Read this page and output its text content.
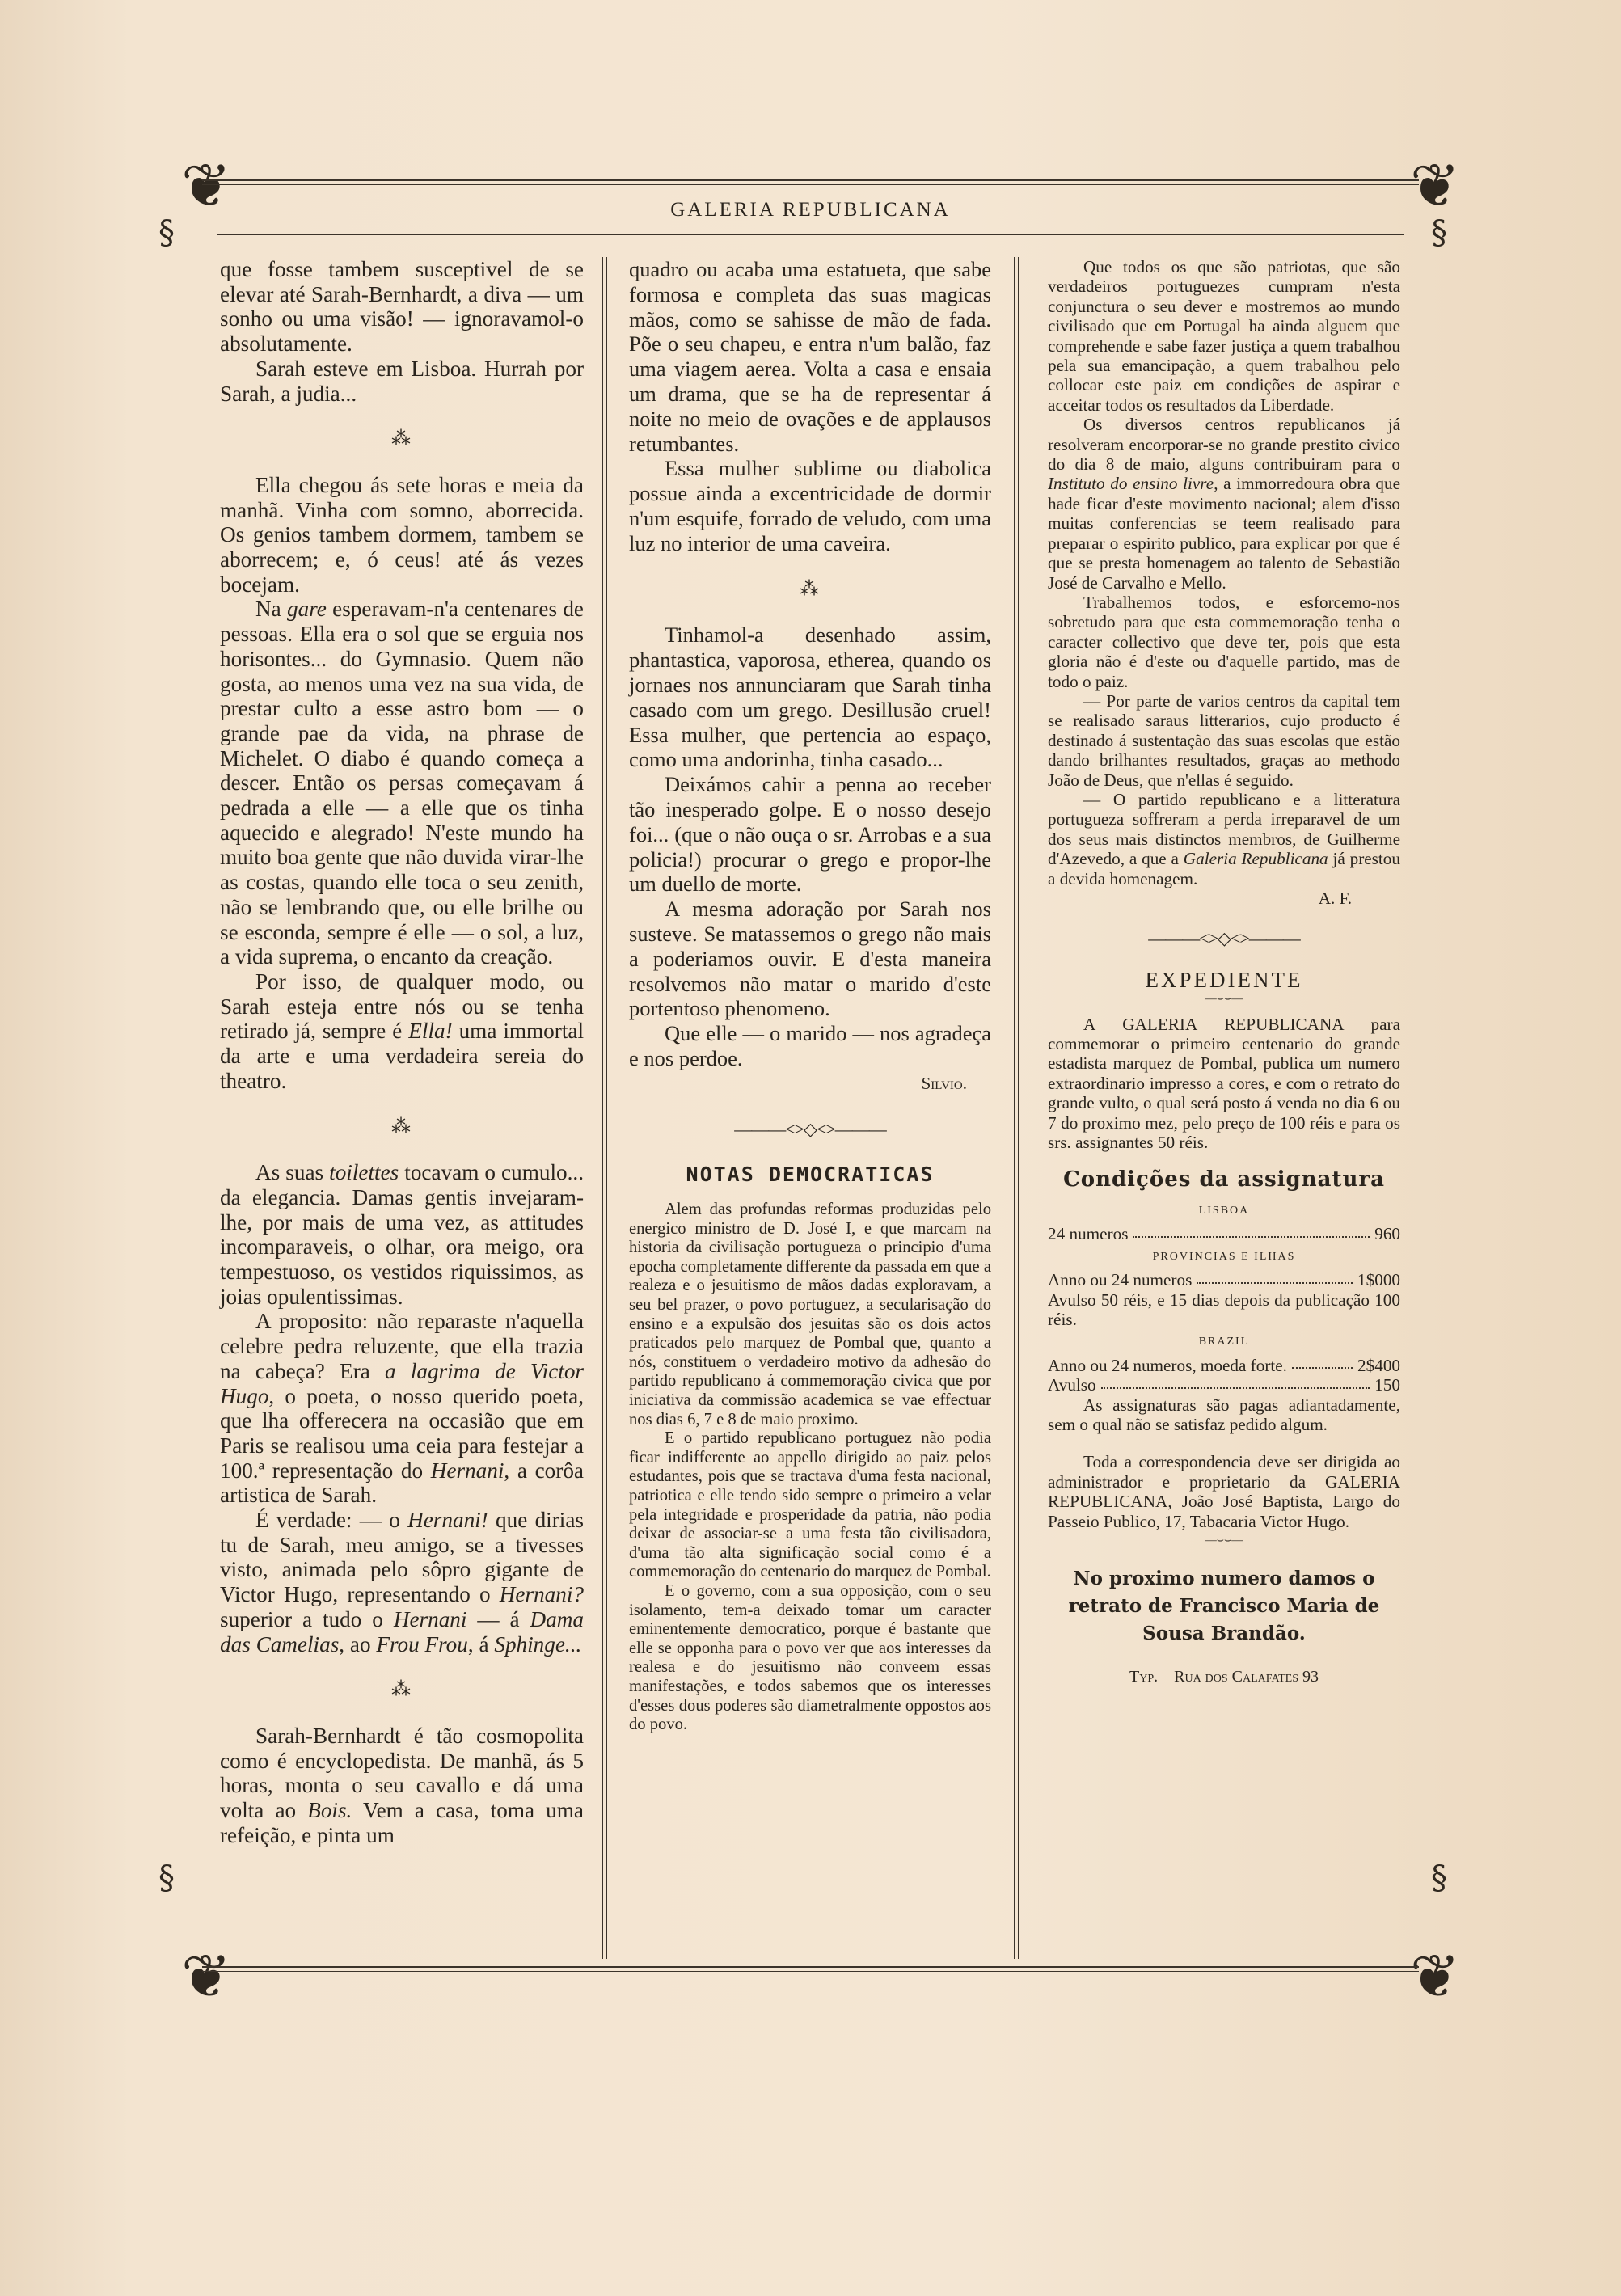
❦	❦
❦	❦
§	§
§	§
GALERIA REPUBLICANA

que fosse tambem susceptivel de se elevar até Sarah-Bernhardt, a diva — um sonho ou uma visão! — ignoravamol-o absolutamente.

Sarah esteve em Lisboa. Hurrah por Sarah, a judia...

⁂

Ella chegou ás sete horas e meia da manhã. Vinha com somno, aborrecida. Os genios tambem dormem, tambem se aborrecem; e, ó ceus! até ás vezes bocejam.

Na gare esperavam-n'a centenares de pessoas. Ella era o sol que se erguia nos horisontes... do Gymnasio. Quem não gosta, ao menos uma vez na sua vida, de prestar culto a esse astro bom — o grande pae da vida, na phrase de Michelet. O diabo é quando começa a descer. Então os persas começavam á pedrada a elle — a elle que os tinha aquecido e alegrado! N'este mundo ha muito boa gente que não duvida virar-lhe as costas, quando elle toca o seu zenith, não se lembrando que, ou elle brilhe ou se esconda, sempre é elle — o sol, a luz, a vida suprema, o encanto da creação.

Por isso, de qualquer modo, ou Sarah esteja entre nós ou se tenha retirado já, sempre é Ella! uma immortal da arte e uma verdadeira sereia do theatro.

⁂

As suas toilettes tocavam o cumulo... da elegancia. Damas gentis invejaram-lhe, por mais de uma vez, as attitudes incomparaveis, o olhar, ora meigo, ora tempestuoso, os vestidos riquissimos, as joias opulentissimas.

A proposito: não reparaste n'aquella celebre pedra reluzente, que ella trazia na cabeça? Era a lagrima de Victor Hugo, o poeta, o nosso querido poeta, que lha offerecera na occasião que em Paris se realisou uma ceia para festejar a 100.ª representação do Hernani, a corôa artistica de Sarah.

É verdade: — o Hernani! que dirias tu de Sarah, meu amigo, se a tivesses visto, animada pelo sôpro gigante de Victor Hugo, representando o Hernani? superior a tudo o Hernani — á Dama das Camelias, ao Frou Frou, á Sphinge...

⁂

Sarah-Bernhardt é tão cosmopolita como é encyclopedista. De manhã, ás 5 horas, monta o seu cavallo e dá uma volta ao Bois. Vem a casa, toma uma refeição, e pinta um

quadro ou acaba uma estatueta, que sabe formosa e completa das suas magicas mãos, como se sahisse de mão de fada. Põe o seu chapeu, e entra n'um balão, faz uma viagem aerea. Volta a casa e ensaia um drama, que se ha de representar á noite no meio de ovações e de applausos retumbantes.

Essa mulher sublime ou diabolica possue ainda a excentricidade de dormir n'um esquife, forrado de veludo, com uma luz no interior de uma caveira.

⁂

Tinhamol-a desenhado assim, phantastica, vaporosa, etherea, quando os jornaes nos annunciaram que Sarah tinha casado com um grego. Desillusão cruel! Essa mulher, que pertencia ao espaço, como uma andorinha, tinha casado...

Deixámos cahir a penna ao receber tão inesperado golpe. E o nosso desejo foi... (que o não ouça o sr. Arrobas e a sua policia!) procurar o grego e propor-lhe um duello de morte.

A mesma adoração por Sarah nos susteve. Se matassemos o grego não mais a poderiamos ouvir. E d'esta maneira resolvemos não matar o marido d'este portentoso phenomeno.

Que elle — o marido — nos agradeça e nos perdoe.

Silvio.

———<>◇<>———

NOTAS DEMOCRATICAS

Alem das profundas reformas produzidas pelo energico ministro de D. José I, e que marcam na historia da civilisação portugueza o principio d'uma epocha completamente differente da passada em que a realeza e o jesuitismo de mãos dadas exploravam, a seu bel prazer, o povo portuguez, a secularisação do ensino e a expulsão dos jesuitas são os dois actos praticados pelo marquez de Pombal que, quanto a nós, constituem o verdadeiro motivo da adhesão do partido republicano á commemoração civica que por iniciativa da commissão academica se vae effectuar nos dias 6, 7 e 8 de maio proximo.

E o partido republicano portuguez não podia ficar indifferente ao appello dirigido ao paiz pelos estudantes, pois que se tractava d'uma festa nacional, patriotica e elle tendo sido sempre o primeiro a velar pela integridade e prosperidade da patria, não podia deixar de associar-se a uma festa tão civilisadora, d'uma tão alta significação social como é a commemoração do centenario do marquez de Pombal.

E o governo, com a sua opposição, com o seu isolamento, tem-a deixado tomar um caracter eminentemente democratico, porque é bastante que elle se opponha para o povo ver que aos interesses da realesa e do jesuitismo não conveem essas manifestações, e todos sabemos que os interesses d'esses dous poderes são diametralmente oppostos aos do povo.

Que todos os que são patriotas, que são verdadeiros portuguezes cumpram n'esta conjunctura o seu dever e mostremos ao mundo civilisado que em Portugal ha ainda alguem que comprehende e sabe fazer justiça a quem trabalhou pela sua emancipação, a quem trabalhou pelo collocar este paiz em condições de aspirar e acceitar todos os resultados da Liberdade.

Os diversos centros republicanos já resolveram encorporar-se no grande prestito civico do dia 8 de maio, alguns contribuiram para o Instituto do ensino livre, a immorredoura obra que hade ficar d'este movimento nacional; alem d'isso muitas conferencias se teem realisado para preparar o espirito publico, para explicar por que é que se presta homenagem ao talento de Sebastião José de Carvalho e Mello.

Trabalhemos todos, e esforcemo-nos sobretudo para que esta commemoração tenha o caracter collectivo que deve ter, pois que esta gloria não é d'este ou d'aquelle partido, mas de todo o paiz.

— Por parte de varios centros da capital tem se realisado saraus litterarios, cujo producto é destinado á sustentação das suas escolas que estão dando brilhantes resultados, graças ao methodo João de Deus, que n'ellas é seguido.

— O partido republicano e a litteratura portugueza soffreram a perda irreparavel de um dos seus mais distinctos membros, de Guilherme d'Azevedo, a que a Galeria Republicana já prestou a devida homenagem.

A. F.

———<>◇<>———

EXPEDIENTE

—⌣⌣—

A GALERIA REPUBLICANA para commemorar o primeiro centenario do grande estadista marquez de Pombal, publica um numero extraordinario impresso a cores, e com o retrato do grande vulto, o qual será posto á venda no dia 6 ou 7 do proximo mez, pelo preço de 100 réis e para os srs. assignantes 50 réis.

Condições da assignatura

LISBOA

24 numeros	960

PROVINCIAS E ILHAS

Anno ou 24 numeros	1$000

Avulso 50 réis, e 15 dias depois da publicação 100 réis.

BRAZIL

Anno ou 24 numeros, moeda forte.	2$400

Avulso	150

As assignaturas são pagas adiantadamente, sem o qual não se satisfaz pedido algum.

Toda a correspondencia deve ser dirigida ao administrador e proprietario da GALERIA REPUBLICANA, João José Baptista, Largo do Passeio Publico, 17, Tabacaria Victor Hugo.

—⌣⌣—

No proximo numero damos o retrato de Francisco Maria de Sousa Brandão.

Typ.—Rua dos Calafates 93
